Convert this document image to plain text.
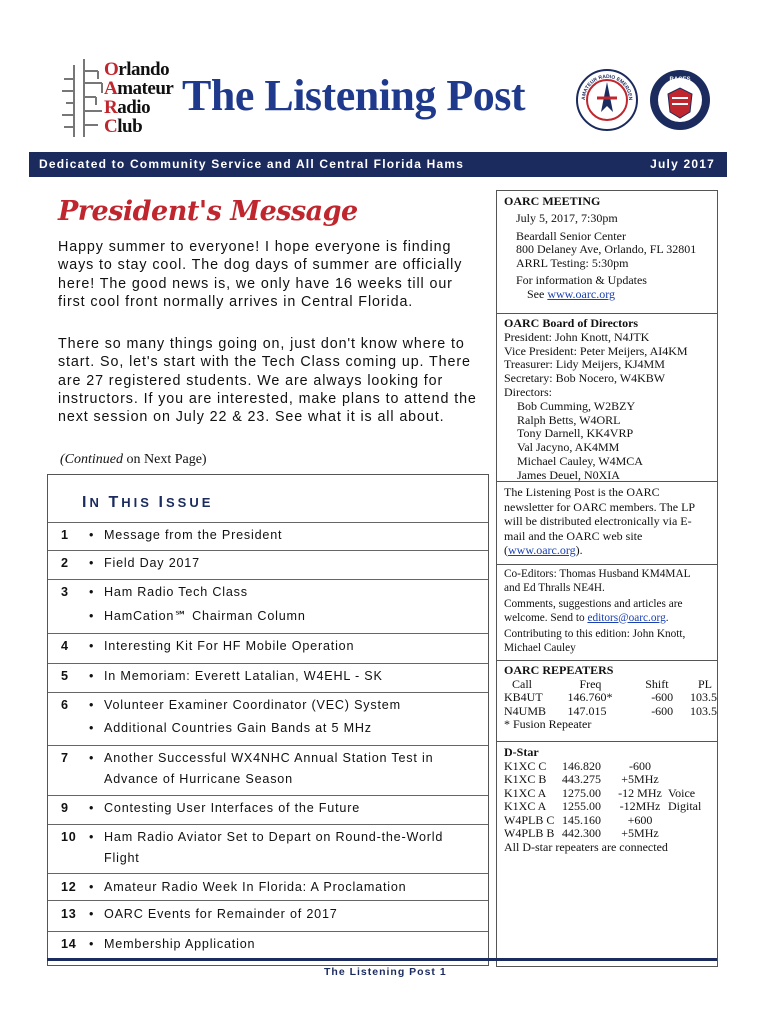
Orlando
Amateur
Radio
Club
The Listening Post	AMATEUR RADIO EMERGEN
RACES
Dedicated to Community Service and All Central Florida Hams	July 2017
President's Message
Happy summer to everyone! I hope everyone is finding ways to stay cool. The dog days of summer are officially here! The good news is, we only have 16 weeks till our first cool front normally arrives in Central Florida.
There so many things going on, just don't know where to start. So, let's start with the Tech Class coming up. There are 27 registered students. We are always looking for instructors. If you are interested, make plans to attend the next session on July 22 & 23. See what it is all about.
(Continued on Next Page)
IN THIS ISSUE
1 • Message from the President
2 • Field Day 2017
3 • Ham Radio Tech Class
• HamCation℠ Chairman Column
4 • Interesting Kit For HF Mobile Operation
5 • In Memoriam: Everett Latalian, W4EHL - SK
6 • Volunteer Examiner Coordinator (VEC) System
• Additional Countries Gain Bands at 5 MHz
7 • Another Successful WX4NHC Annual Station Test in Advance of Hurricane Season
9 • Contesting User Interfaces of the Future
10 • Ham Radio Aviator Set to Depart on Round-the-World Flight
12 • Amateur Radio Week In Florida: A Proclamation
13 • OARC Events for Remainder of 2017
14 • Membership Application
OARC MEETING
July 5, 2017, 7:30pm
Beardall Senior Center
800 Delaney Ave, Orlando, FL 32801
ARRL Testing: 5:30pm
For information & Updates
See www.oarc.org
OARC Board of Directors
President: John Knott, N4JTK
Vice President: Peter Meijers, AI4KM
Treasurer: Lidy Meijers, KJ4MM
Secretary: Bob Nocero, W4KBW
Directors:
Bob Cumming, W2BZY
Ralph Betts, W4ORL
Tony Darnell, KK4VRP
Val Jacyno, AK4MM
Michael Cauley, W4MCA
James Deuel, N0XIA
The Listening Post is the OARC newsletter for OARC members. The LP will be distributed electronically via E-mail and the OARC web site (www.oarc.org).
Co-Editors: Thomas Husband KM4MAL and Ed Thralls NE4H.
Comments, suggestions and articles are welcome. Send to editors@oarc.org.
Contributing to this edition: John Knott, Michael Cauley
OARC REPEATERS
Call	Freq	Shift	PL
KB4UT	146.760*	-600	103.5
N4UMB	147.015	-600	103.5
* Fusion Repeater
D-Star
K1XC C	146.820	-600	
K1XC B	443.275	+5MHz	
K1XC A	1275.00	-12 MHz	Voice
K1XC A	1255.00	-12MHz	Digital
W4PLB C	145.160	+600	
W4PLB B	442.300	+5MHz	
All D-star repeaters are connected
The Listening Post 1
